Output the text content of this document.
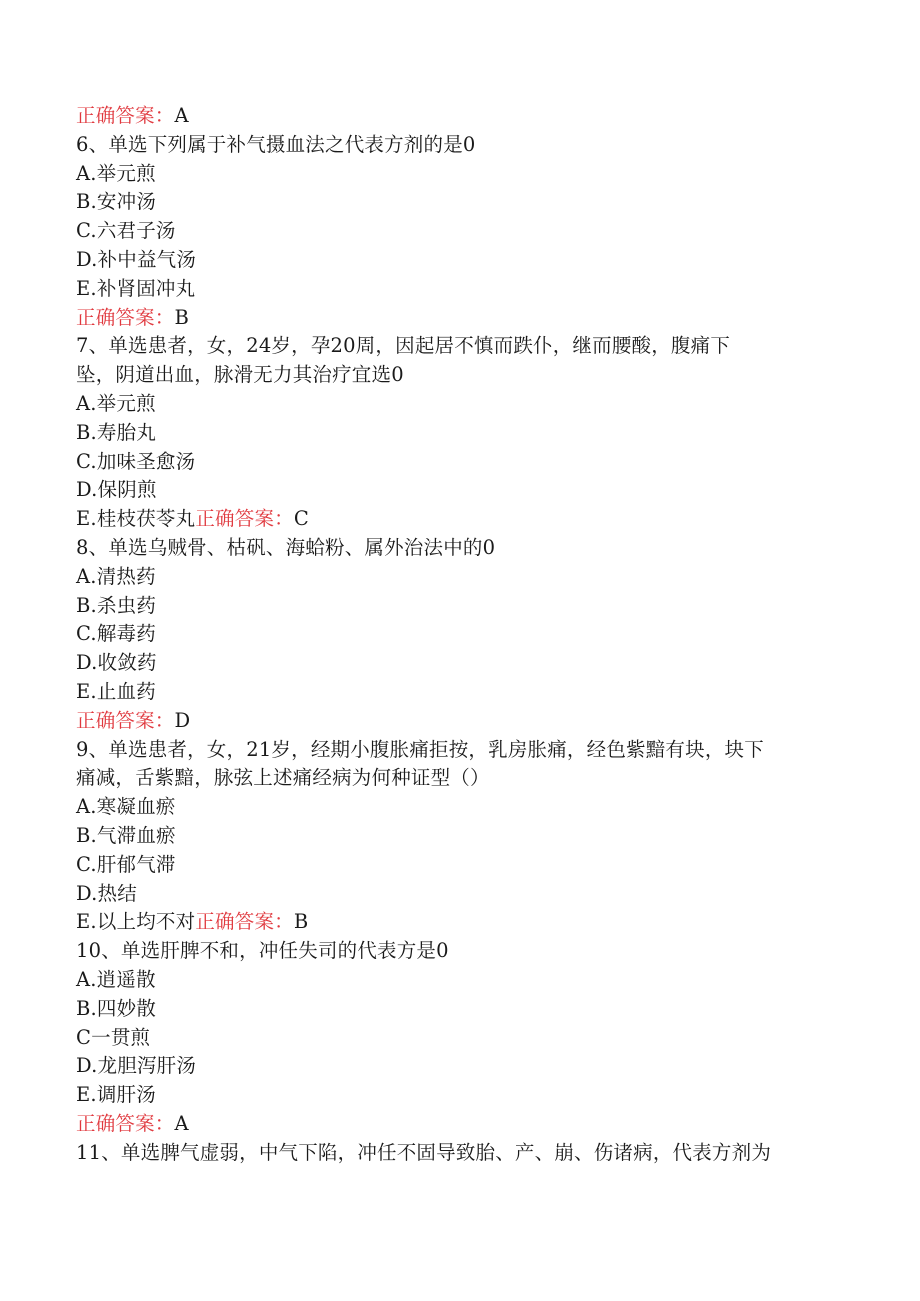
正确答案：A
6、单选下列属于补气摄血法之代表方剂的是0
A.举元煎
B.安冲汤
C.六君子汤
D.补中益气汤
E.补肾固冲丸
正确答案：B
7、单选患者，女，24岁，孕20周，因起居不慎而跌仆，继而腰酸，腹痛下
坠，阴道出血，脉滑无力其治疗宜选0
A.举元煎
B.寿胎丸
C.加味圣愈汤
D.保阴煎
E.桂枝茯苓丸正确答案：C
8、单选乌贼骨、枯矾、海蛤粉、属外治法中的0
A.清热药
B.杀虫药
C.解毒药
D.收敛药
E.止血药
正确答案：D
9、单选患者，女，21岁，经期小腹胀痛拒按，乳房胀痛，经色紫黯有块，块下
痛减，舌紫黯，脉弦上述痛经病为何种证型（）
A.寒凝血瘀
B.气滞血瘀
C.肝郁气滞
D.热结
E.以上均不对正确答案：B
10、单选肝脾不和，冲任失司的代表方是0
A.逍遥散
B.四妙散
C一贯煎
D.龙胆泻肝汤
E.调肝汤
正确答案：A
11、单选脾气虚弱，中气下陷，冲任不固导致胎、产、崩、伤诸病，代表方剂为
